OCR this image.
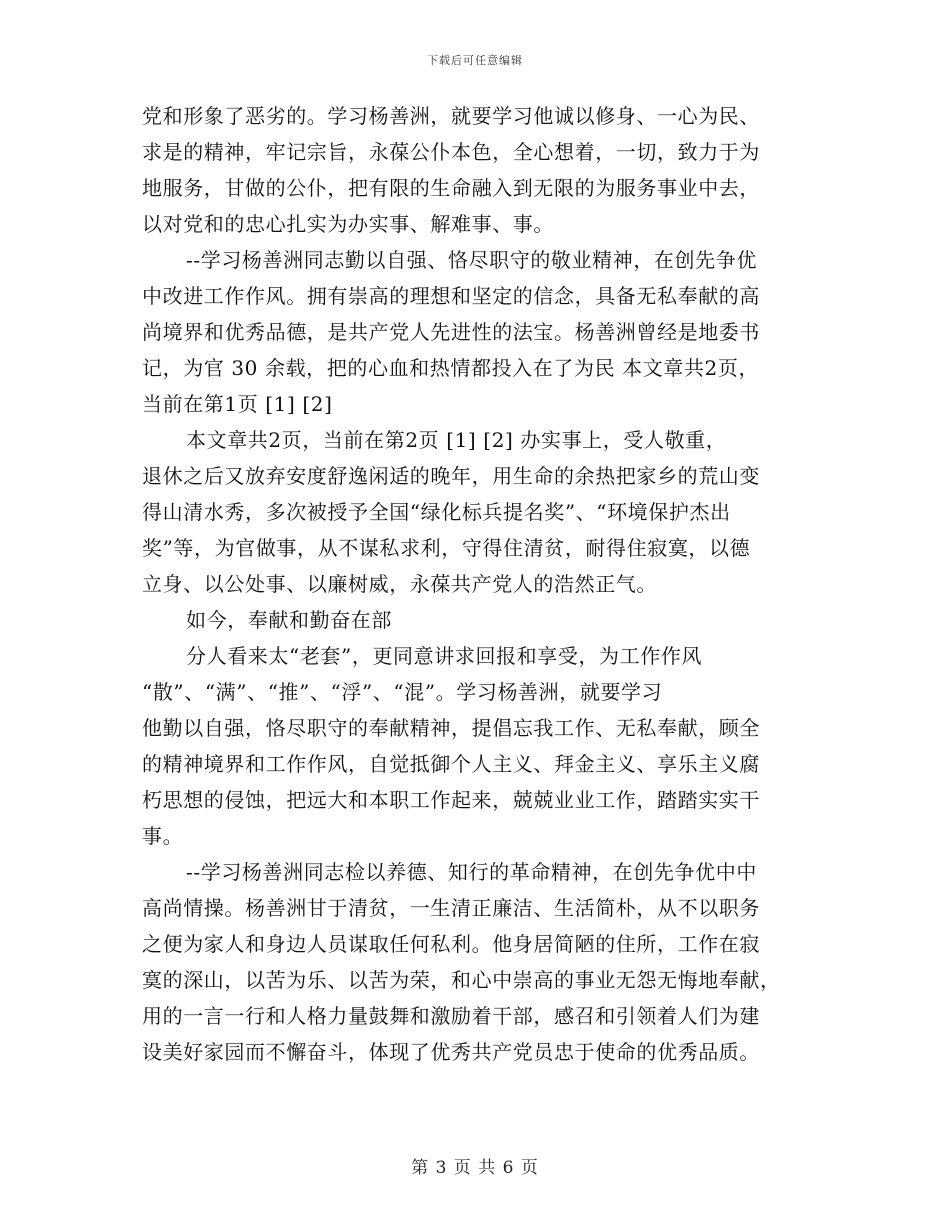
下载后可任意编辑
党和形象了恶劣的。学习杨善洲，就要学习他诚以修身、一心为民、
求是的精神，牢记宗旨，永葆公仆本色，全心想着，一切，致力于为
地服务，甘做的公仆，把有限的生命融入到无限的为服务事业中去，
以对党和的忠心扎实为办实事、解难事、事。
--学习杨善洲同志勤以自强、恪尽职守的敬业精神，在创先争优
中改进工作作风。拥有崇高的理想和坚定的信念，具备无私奉献的高
尚境界和优秀品德，是共产党人先进性的法宝。杨善洲曾经是地委书
记，为官 30 余载，把的心血和热情都投入在了为民 本文章共2页，
当前在第1页 [1] [2]
本文章共2页，当前在第2页 [1] [2] 办实事上，受人敬重，
退休之后又放弃安度舒逸闲适的晚年，用生命的余热把家乡的荒山变
得山清水秀，多次被授予全国“绿化标兵提名奖”、“环境保护杰出
奖”等，为官做事，从不谋私求利，守得住清贫，耐得住寂寞，以德
立身、以公处事、以廉树威，永葆共产党人的浩然正气。
如今，奉献和勤奋在部
分人看来太“老套”，更同意讲求回报和享受，为工作作风
“散”、“满”、“推”、“浮”、“混”。学习杨善洲，就要学习
他勤以自强，恪尽职守的奉献精神，提倡忘我工作、无私奉献，顾全
的精神境界和工作作风，自觉抵御个人主义、拜金主义、享乐主义腐
朽思想的侵蚀，把远大和本职工作起来，兢兢业业工作，踏踏实实干
事。
--学习杨善洲同志检以养德、知行的革命精神，在创先争优中中
高尚情操。杨善洲甘于清贫，一生清正廉洁、生活简朴，从不以职务
之便为家人和身边人员谋取任何私利。他身居简陋的住所，工作在寂
寞的深山，以苦为乐、以苦为荣，和心中崇高的事业无怨无悔地奉献，
用的一言一行和人格力量鼓舞和激励着干部，感召和引领着人们为建
设美好家园而不懈奋斗，体现了优秀共产党员忠于使命的优秀品质。
第 3 页 共 6 页
